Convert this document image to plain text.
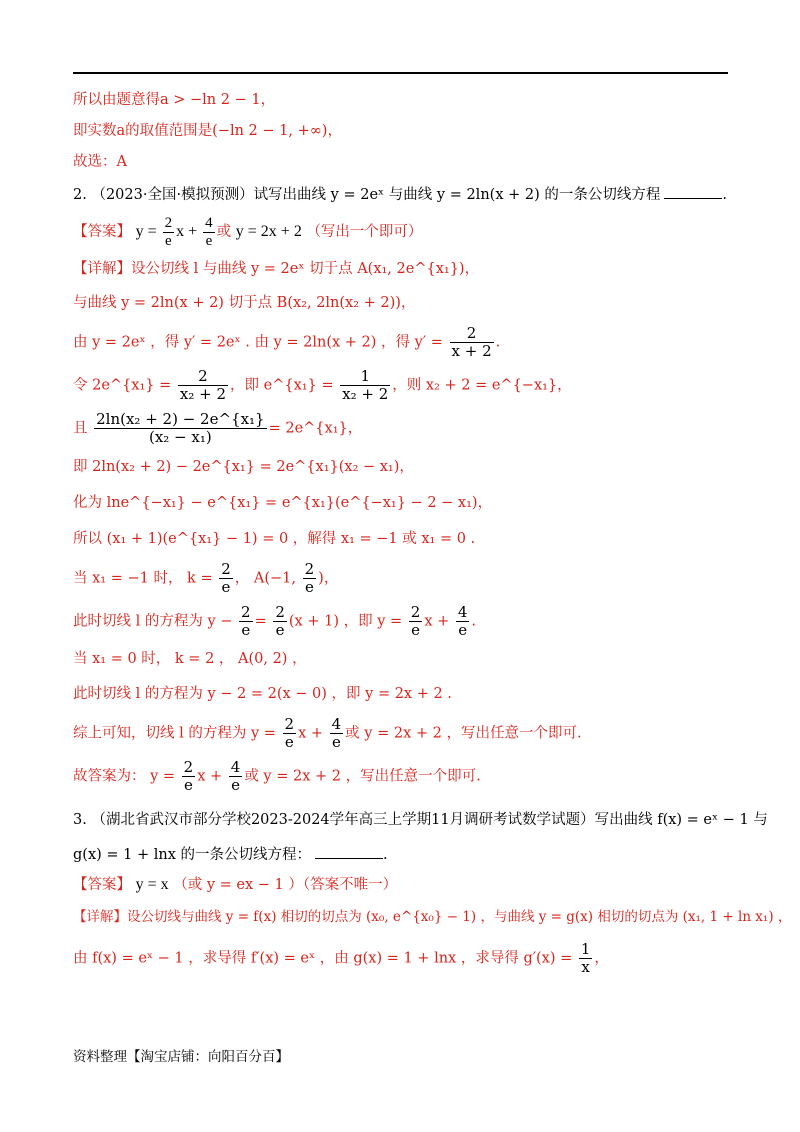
所以由题意得a > −ln 2 − 1，

即实数a的取值范围是(−ln 2 − 1, +∞)，

故选：A

2. （2023·全国·模拟预测）试写出曲线 y = 2eˣ 与曲线 y = 2ln(x + 2) 的一条公切线方程	.

【答案】 $y = \frac{2}{e}$ $x + \frac{4}{e}$ 或 y = 2x + 2 （写出一个即可）

【详解】设公切线 l 与曲线 y = 2eˣ 切于点 A(x₁, 2e^{x₁})，

与曲线 y = 2ln(x + 2) 切于点 B(x₂, 2ln(x₂ + 2))，

由 y = 2eˣ ，得 y′ = 2eˣ . 由 y = 2ln(x + 2) ，得 $y' = \frac{2}{x + 2}$ .

令 2e^{x₁} = $\frac{2}{\text{x₂ + 2}}$ ，即 e^{x₁} = $\frac{1}{\text{x₂ + 2}}$ ，则 x₂ + 2 = e^{−x₁}，

且 $\frac{\text{2ln(x₂ + 2) − 2e\textasciicircum{}\{x₁\}}}{\text{(x₂ − x₁)}}$ = 2e^{x₁}，

即 2ln(x₂ + 2) − 2e^{x₁} = 2e^{x₁}(x₂ − x₁)，

化为 lne^{−x₁} − e^{x₁} = e^{x₁}(e^{−x₁} − 2 − x₁)，

所以 (x₁ + 1)(e^{x₁} − 1) = 0 ，解得 x₁ = −1 或 x₁ = 0 .

当 x₁ = −1 时， $k = \frac{2}{e}$ ， A(−1, $\frac{2}{e}$ )，

此时切线 l 的方程为 $y - \frac{2}{e} = \frac{2}{e} (x + 1)$ ，即 $y = \frac{2}{e}$ $x + \frac{4}{e}$ .

当 x₁ = 0 时， k = 2 ， A(0, 2) ，

此时切线 l 的方程为 y − 2 = 2(x − 0) ，即 y = 2x + 2 .

综上可知，切线 l 的方程为 $y = \frac{2}{e}$ $x + \frac{4}{e}$ 或 y = 2x + 2 ，写出任意一个即可.

故答案为： $y = \frac{2}{e}$ $x + \frac{4}{e}$ 或 y = 2x + 2 ，写出任意一个即可.

3. （湖北省武汉市部分学校2023-2024学年高三上学期11月调研考试数学试题）写出曲线 f(x) = eˣ − 1 与

g(x) = 1 + lnx 的一条公切线方程：	.

【答案】 y = x （或 y = ex − 1 ）（答案不唯一）

【详解】设公切线与曲线 y = f(x) 相切的切点为 (x₀, e^{x₀} − 1) ，与曲线 y = g(x) 相切的切点为 (x₁, 1 + ln x₁) ，

由 f(x) = eˣ − 1 ，求导得 f′(x) = eˣ ，由 g(x) = 1 + lnx ，求导得 $g'(x) = \frac{1}{x}$ ，

资料整理【淘宝店铺：向阳百分百】
